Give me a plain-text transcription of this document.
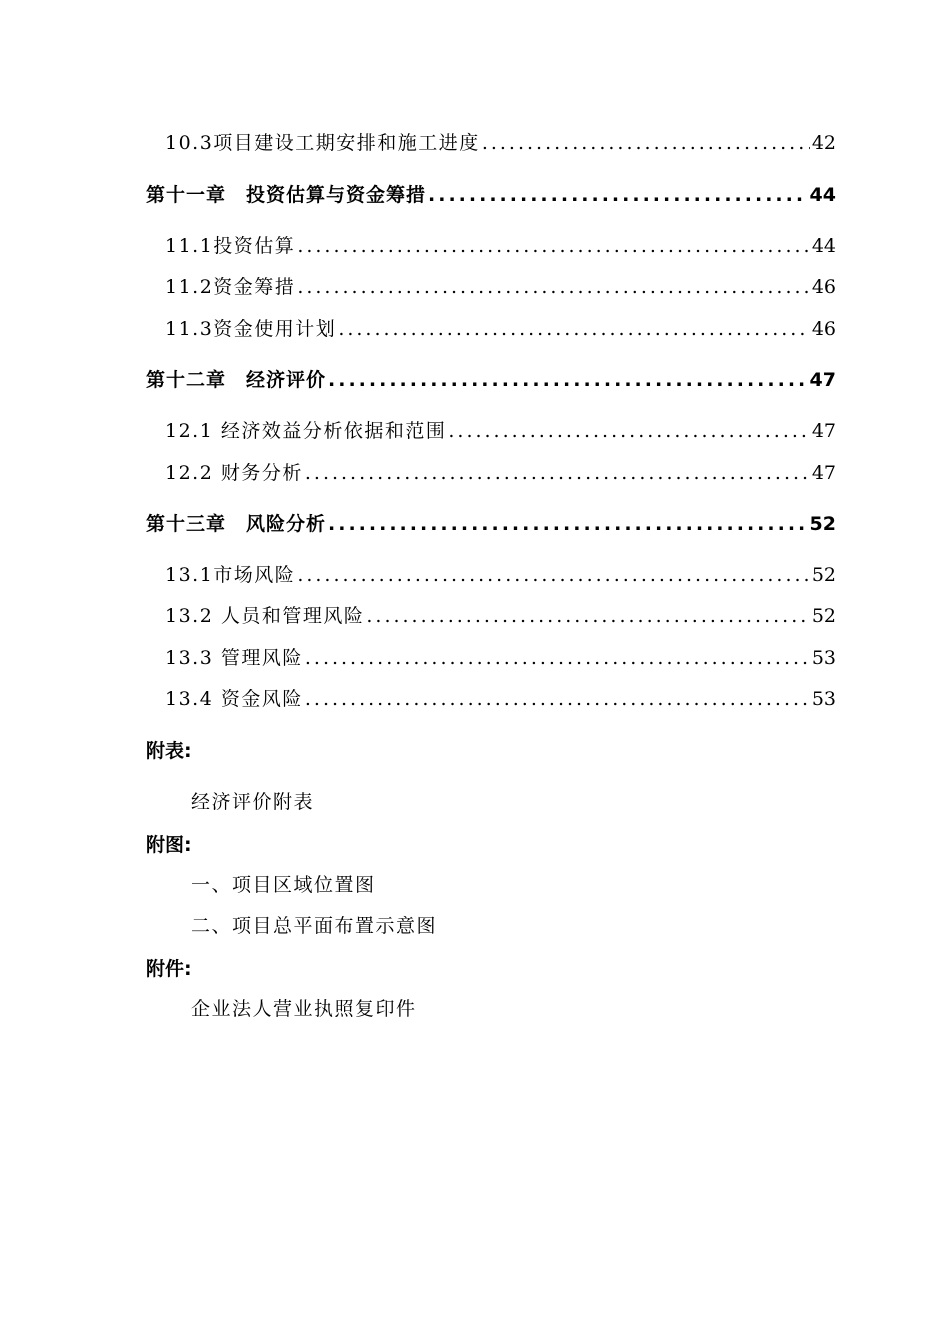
10.3项目建设工期安排和施工进度 .....	42
第十一章　投资估算与资金筹措 .....	44
11.1投资估算 .....	44
11.2资金筹措 .....	46
11.3资金使用计划 .....	46
第十二章　经济评价 .....	47
12.1 经济效益分析依据和范围 .....	47
12.2 财务分析 .....	47
第十三章　风险分析 .....	52
13.1市场风险 .....	52
13.2 人员和管理风险 .....	52
13.3 管理风险 .....	53
13.4 资金风险 .....	53
附表:
经济评价附表
附图:
一、项目区域位置图
二、项目总平面布置示意图
附件:
企业法人营业执照复印件
